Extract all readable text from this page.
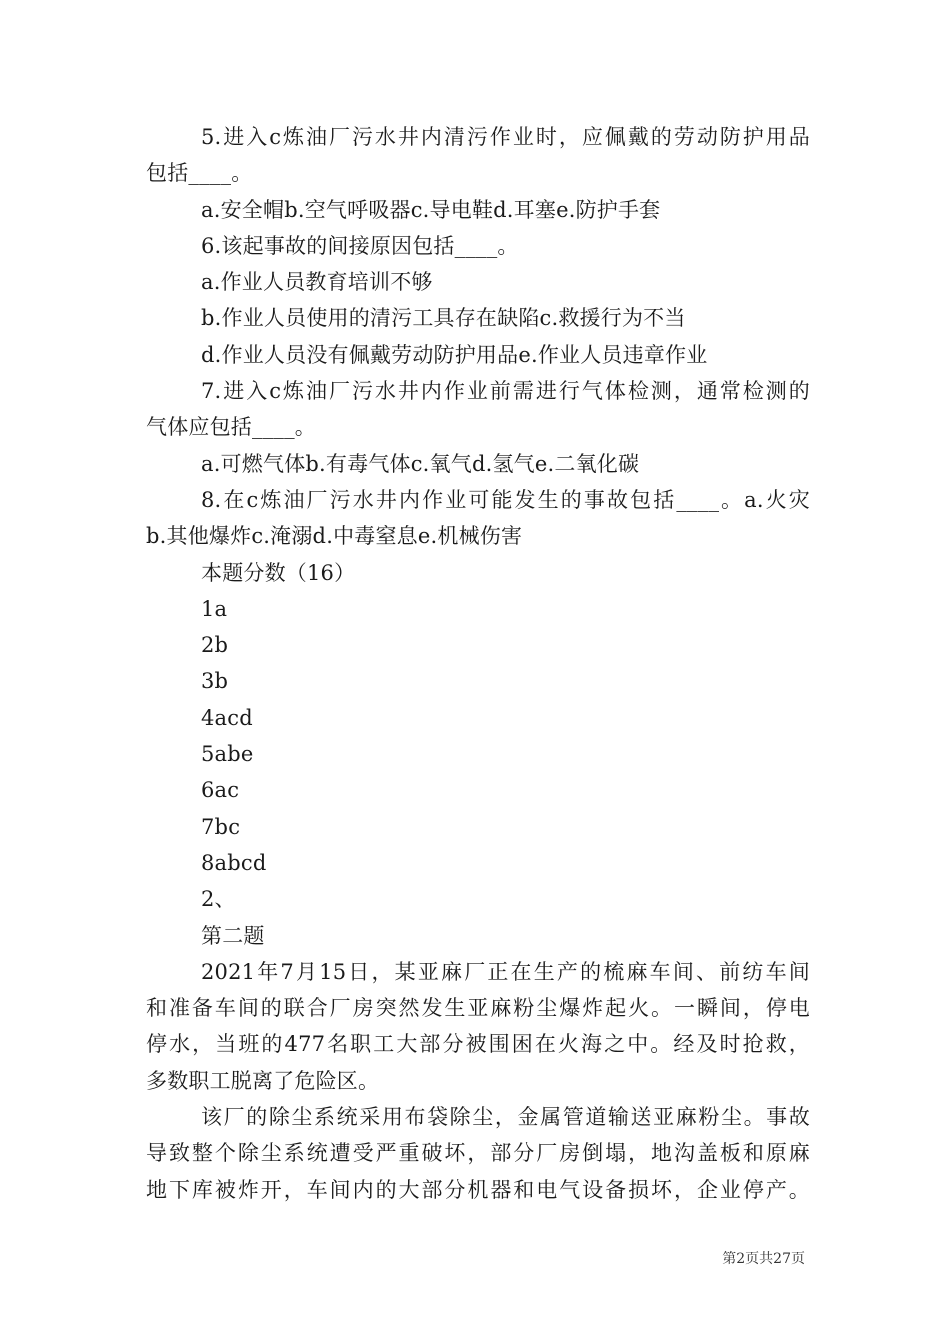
5.进入c炼油厂污水井内清污作业时，应佩戴的劳动防护用品
包括____。
a.安全帽b.空气呼吸器c.导电鞋d.耳塞e.防护手套
6.该起事故的间接原因包括____。
a.作业人员教育培训不够
b.作业人员使用的清污工具存在缺陷c.救援行为不当
d.作业人员没有佩戴劳动防护用品e.作业人员违章作业
7.进入c炼油厂污水井内作业前需进行气体检测，通常检测的
气体应包括____。
a.可燃气体b.有毒气体c.氧气d.氢气e.二氧化碳
8.在c炼油厂污水井内作业可能发生的事故包括____。a.火灾
b.其他爆炸c.淹溺d.中毒窒息e.机械伤害
本题分数（16）
1a
2b
3b
4acd
5abe
6ac
7bc
8abcd
2、
第二题
2021年7月15日，某亚麻厂正在生产的梳麻车间、前纺车间
和准备车间的联合厂房突然发生亚麻粉尘爆炸起火。一瞬间，停电
停水，当班的477名职工大部分被围困在火海之中。经及时抢救，
多数职工脱离了危险区。
该厂的除尘系统采用布袋除尘，金属管道输送亚麻粉尘。事故
导致整个除尘系统遭受严重破坏，部分厂房倒塌，地沟盖板和原麻
地下库被炸开，车间内的大部分机器和电气设备损坏，企业停产。
第2页共27页
